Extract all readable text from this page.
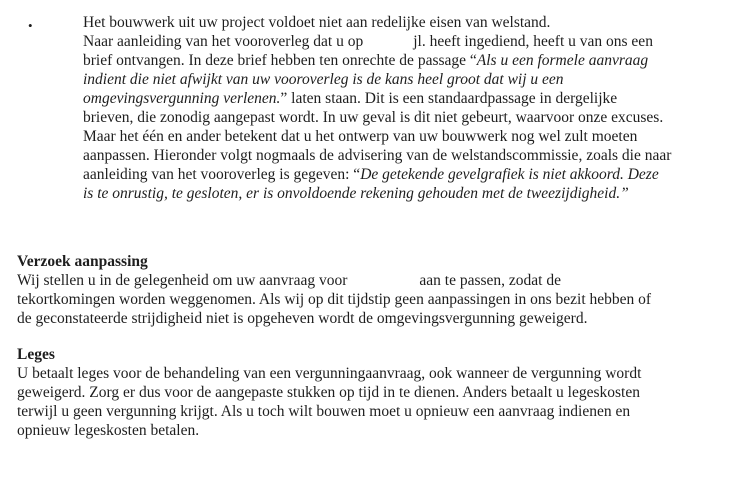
•	Het bouwwerk uit uw project voldoet niet aan redelijke eisen van welstand.
Naar aanleiding van het vooroverleg dat u op	jl. heeft ingediend, heeft u van ons een
brief ontvangen. In deze brief hebben ten onrechte de passage “Als u een formele aanvraag
indient die niet afwijkt van uw vooroverleg is de kans heel groot dat wij u een
omgevingsvergunning verlenen.” laten staan. Dit is een standaardpassage in dergelijke
brieven, die zonodig aangepast wordt. In uw geval is dit niet gebeurt, waarvoor onze excuses.
Maar het één en ander betekent dat u het ontwerp van uw bouwwerk nog wel zult moeten
aanpassen. Hieronder volgt nogmaals de advisering van de welstandscommissie, zoals die naar
aanleiding van het vooroverleg is gegeven: “De getekende gevelgrafiek is niet akkoord. Deze
is te onrustig, te gesloten, er is onvoldoende rekening gehouden met de tweezijdigheid.”
Verzoek aanpassing
Wij stellen u in de gelegenheid om uw aanvraag voor	aan te passen, zodat de
tekortkomingen worden weggenomen. Als wij op dit tijdstip geen aanpassingen in ons bezit hebben of
de geconstateerde strijdigheid niet is opgeheven wordt de omgevingsvergunning geweigerd.
Leges
U betaalt leges voor de behandeling van een vergunningaanvraag, ook wanneer de vergunning wordt
geweigerd. Zorg er dus voor de aangepaste stukken op tijd in te dienen. Anders betaalt u legeskosten
terwijl u geen vergunning krijgt. Als u toch wilt bouwen moet u opnieuw een aanvraag indienen en
opnieuw legeskosten betalen.
